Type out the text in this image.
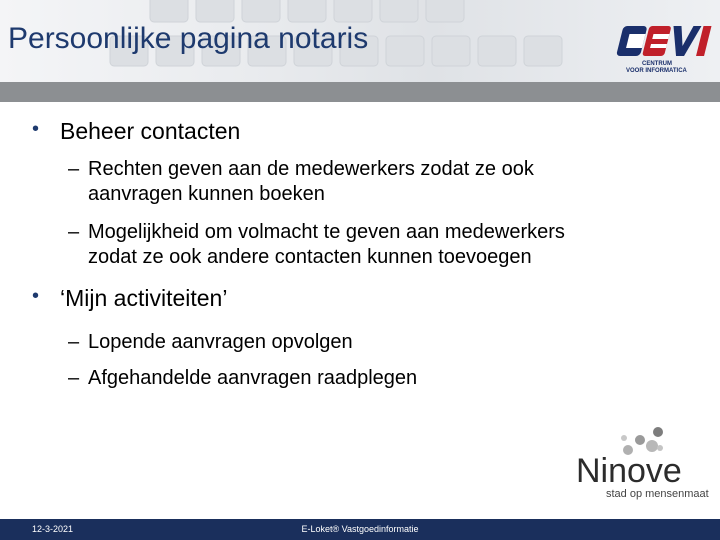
Persoonlijke pagina notaris
CENTRUM
VOOR INFORMATICA
• Beheer contacten
– Rechten geven aan de medewerkers zodat ze ook
aanvragen kunnen boeken
– Mogelijkheid om volmacht te geven aan medewerkers
zodat ze ook andere contacten kunnen toevoegen
• ‘Mijn activiteiten’
– Lopende aanvragen opvolgen
– Afgehandelde aanvragen raadplegen
Ninove
stad op mensenmaat
12-3-2021	E-Loket® Vastgoedinformatie
